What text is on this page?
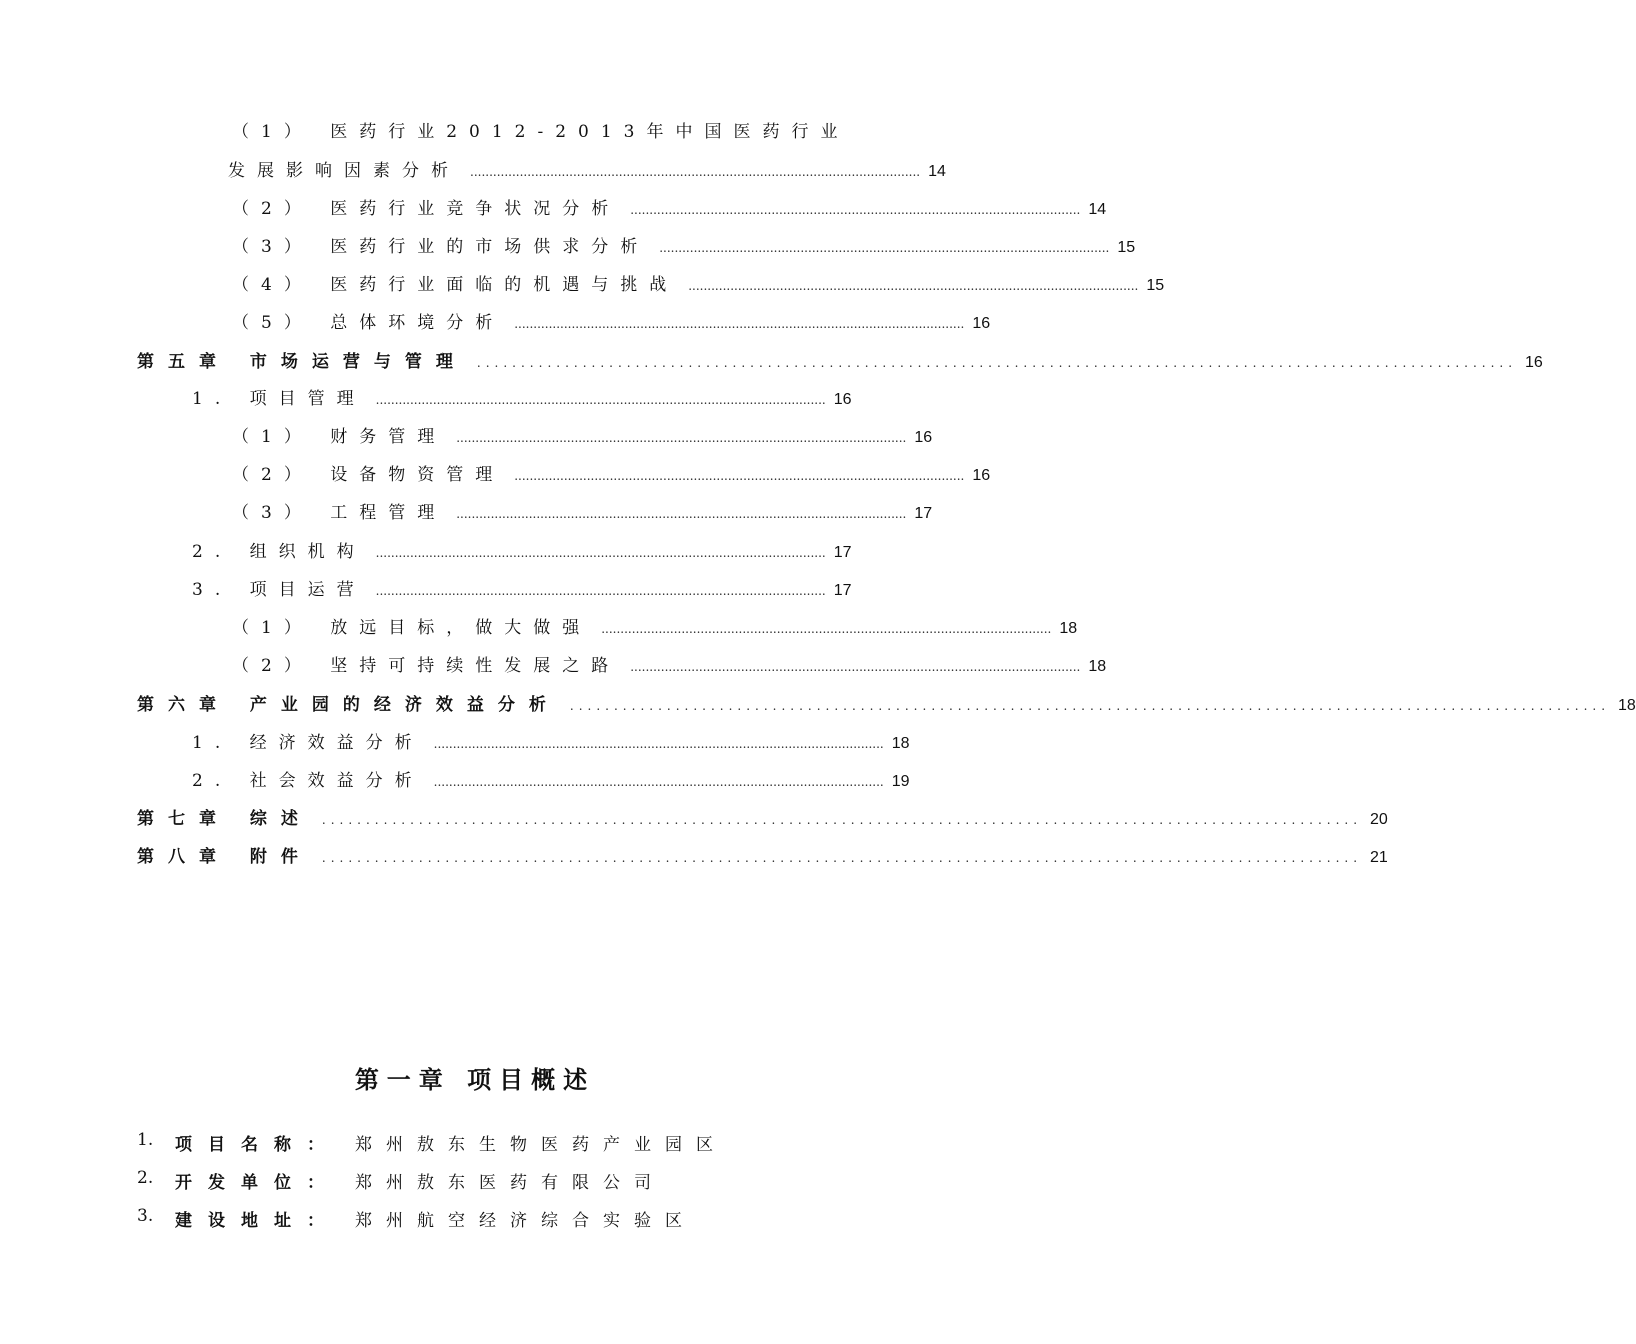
（1） 医药行业2012-2013年中国医药行业
发展影响因素分析 ...................................................................................................................... 14
（2） 医药行业竞争状况分析 ...................................................................................................................... 14
（3） 医药行业的市场供求分析 ...................................................................................................................... 15
（4） 医药行业面临的机遇与挑战 ...................................................................................................................... 15
（5） 总体环境分析 ...................................................................................................................... 16
第五章 市场运营与管理 ...................................................................................................................... 16
1. 项目管理 ...................................................................................................................... 16
（1） 财务管理 ...................................................................................................................... 16
（2） 设备物资管理 ...................................................................................................................... 16
（3） 工程管理 ...................................................................................................................... 17
2. 组织机构 ...................................................................................................................... 17
3. 项目运营 ...................................................................................................................... 17
（1） 放远目标，做大做强 ...................................................................................................................... 18
（2） 坚持可持续性发展之路 ...................................................................................................................... 18
第六章 产业园的经济效益分析 ...................................................................................................................... 18
1. 经济效益分析 ...................................................................................................................... 18
2. 社会效益分析 ...................................................................................................................... 19
第七章 综述 ...................................................................................................................... 20
第八章 附件 ...................................................................................................................... 21
第一章 项目概述
1.	项目名称： 郑州敖东生物医药产业园区
2.	开发单位： 郑州敖东医药有限公司
3.	建设地址： 郑州航空经济综合实验区
